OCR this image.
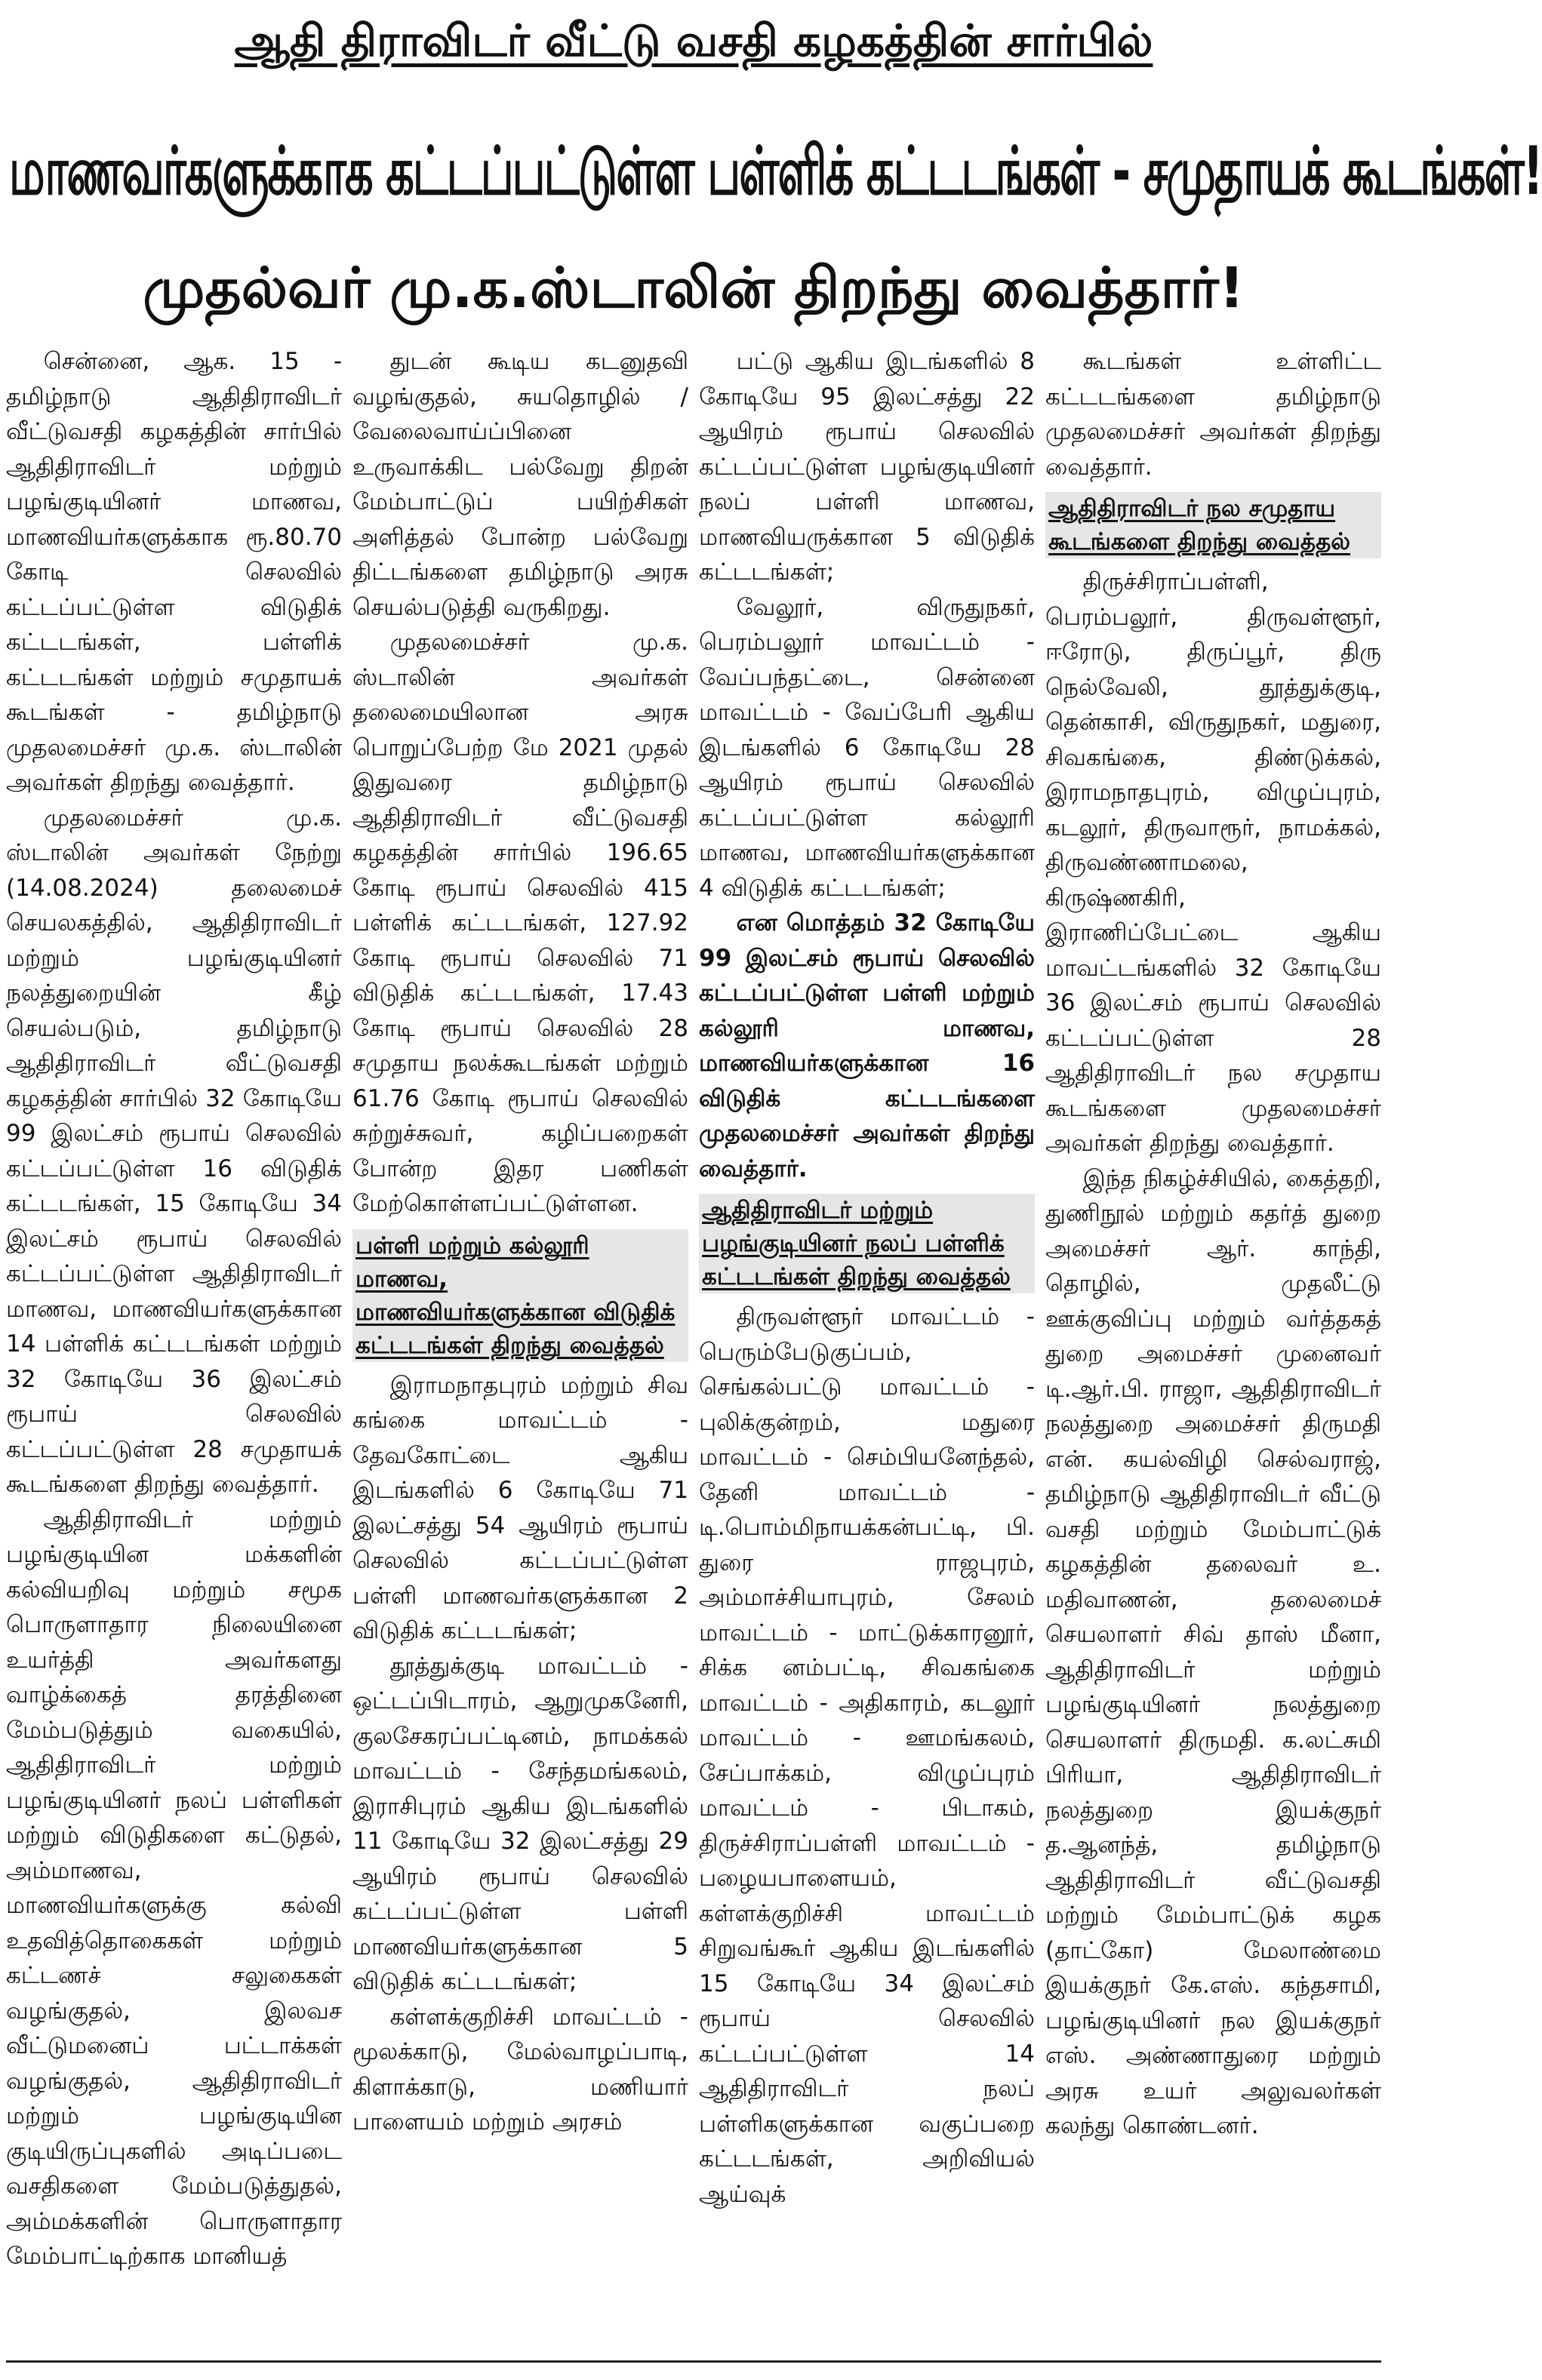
ஆதி திராவிடர் வீட்டு வசதி கழகத்தின் சார்பில்
மாணவர்களுக்காக கட்டப்பட்டுள்ள பள்ளிக் கட்டடங்கள் - சமுதாயக் கூடங்கள்!
முதல்வர் மு.க.ஸ்டாலின் திறந்து வைத்தார்!

சென்னை, ஆக. 15 - தமிழ்நாடு ஆதிதிராவிடர் வீட்டுவசதி கழகத்தின் சார்பில் ஆதிதிராவிடர் மற்றும் பழங்குடியினர் மாணவ, மாணவியர்களுக்காக ரூ.80.70 கோடி செலவில் கட்டப்பட்டுள்ள விடுதிக் கட்டடங்கள், பள்ளிக் கட்டடங்கள் மற்றும் சமுதாயக் கூடங்கள் - தமிழ்நாடு முதலமைச்சர் மு.க. ஸ்டாலின் அவர்கள் திறந்து வைத்தார்.

முதலமைச்சர் மு.க. ஸ்டாலின் அவர்கள் நேற்று (14.08.2024) தலைமைச் செயலகத்தில், ஆதிதிராவிடர் மற்றும் பழங்குடியினர் நலத்துறையின் கீழ் செயல்படும், தமிழ்நாடு ஆதிதிராவிடர் வீட்டுவசதி கழகத்தின் சார்பில் 32 கோடியே 99 இலட்சம் ரூபாய் செலவில் கட்டப்பட்டுள்ள 16 விடுதிக் கட்டடங்கள், 15 கோடியே 34 இலட்சம் ரூபாய் செலவில் கட்டப்பட்டுள்ள ஆதிதிராவிடர் மாணவ, மாணவியர்களுக்கான 14 பள்ளிக் கட்டடங்கள் மற்றும் 32 கோடியே 36 இலட்சம் ரூபாய் செலவில் கட்டப்பட்டுள்ள 28 சமுதாயக் கூடங்களை திறந்து வைத்தார்.

ஆதிதிராவிடர் மற்றும் பழங்குடியின மக்களின் கல்வியறிவு மற்றும் சமூக பொருளாதார நிலையினை உயர்த்தி அவர்களது வாழ்க்கைத் தரத்தினை மேம்படுத்தும் வகையில், ஆதிதிராவிடர் மற்றும் பழங்குடியினர் நலப் பள்ளிகள் மற்றும் விடுதிகளை கட்டுதல், அம்மாணவ, மாணவியர்களுக்கு கல்வி உதவித்தொகைகள் மற்றும் கட்டணச் சலுகைகள் வழங்குதல், இலவச வீட்டுமனைப் பட்டாக்கள் வழங்குதல், ஆதிதிராவிடர் மற்றும் பழங்குடியின குடியிருப்புகளில் அடிப்படை வசதிகளை மேம்படுத்துதல், அம்மக்களின் பொருளாதார மேம்பாட்டிற்காக மானியத்

துடன் கூடிய கடனுதவி வழங்குதல், சுயதொழில் / வேலைவாய்ப்பினை உருவாக்கிட பல்வேறு திறன் மேம்பாட்டுப் பயிற்சிகள் அளித்தல் போன்ற பல்வேறு திட்டங்களை தமிழ்நாடு அரசு செயல்படுத்தி வருகிறது.

முதலமைச்சர் மு.க. ஸ்டாலின் அவர்கள் தலைமையிலான அரசு பொறுப்பேற்ற மே 2021 முதல் இதுவரை தமிழ்நாடு ஆதிதிராவிடர் வீட்டுவசதி கழகத்தின் சார்பில் 196.65 கோடி ரூபாய் செலவில் 415 பள்ளிக் கட்டடங்கள், 127.92 கோடி ரூபாய் செலவில் 71 விடுதிக் கட்டடங்கள், 17.43 கோடி ரூபாய் செலவில் 28 சமுதாய நலக்கூடங்கள் மற்றும் 61.76 கோடி ரூபாய் செலவில் சுற்றுச்சுவர், கழிப்பறைகள் போன்ற இதர பணிகள் மேற்கொள்ளப்பட்டுள்ளன.

பள்ளி மற்றும் கல்லூரி மாணவ, மாணவியர்களுக்கான விடுதிக் கட்டடங்கள் திறந்து வைத்தல்

இராமநாதபுரம் மற்றும் சிவ கங்கை மாவட்டம் - தேவகோட்டை ஆகிய இடங்களில் 6 கோடியே 71 இலட்சத்து 54 ஆயிரம் ரூபாய் செலவில் கட்டப்பட்டுள்ள பள்ளி மாணவர்களுக்கான 2 விடுதிக் கட்டடங்கள்;

தூத்துக்குடி மாவட்டம் - ஒட்டப்பிடாரம், ஆறுமுகனேரி, குலசேகரப்பட்டினம், நாமக்கல் மாவட்டம் - சேந்தமங்கலம், இராசிபுரம் ஆகிய இடங்களில் 11 கோடியே 32 இலட்சத்து 29 ஆயிரம் ரூபாய் செலவில் கட்டப்பட்டுள்ள பள்ளி மாணவியர்களுக்கான 5 விடுதிக் கட்டடங்கள்;

கள்ளக்குறிச்சி மாவட்டம் - மூலக்காடு, மேல்வாழப்பாடி, கிளாக்காடு, மணியார் பாளையம் மற்றும் அரசம்

பட்டு ஆகிய இடங்களில் 8 கோடியே 95 இலட்சத்து 22 ஆயிரம் ரூபாய் செலவில் கட்டப்பட்டுள்ள பழங்குடியினர் நலப் பள்ளி மாணவ, மாணவியருக்கான 5 விடுதிக் கட்டடங்கள்;

வேலூர், விருதுநகர், பெரம்பலூர் மாவட்டம் - வேப்பந்தட்டை, சென்னை மாவட்டம் - வேப்பேரி ஆகிய இடங்களில் 6 கோடியே 28 ஆயிரம் ரூபாய் செலவில் கட்டப்பட்டுள்ள கல்லூரி மாணவ, மாணவியர்களுக்கான 4 விடுதிக் கட்டடங்கள்;

என மொத்தம் 32 கோடியே 99 இலட்சம் ரூபாய் செலவில் கட்டப்பட்டுள்ள பள்ளி மற்றும் கல்லூரி மாணவ, மாணவியர்களுக்கான 16 விடுதிக் கட்டடங்களை முதலமைச்சர் அவர்கள் திறந்து வைத்தார்.

ஆதிதிராவிடர் மற்றும் பழங்குடியினர் நலப் பள்ளிக் கட்டடங்கள் திறந்து வைத்தல்

திருவள்ளூர் மாவட்டம் - பெரும்பேடுகுப்பம், செங்கல்பட்டு மாவட்டம் - புலிக்குன்றம், மதுரை மாவட்டம் - செம்பியனேந்தல், தேனி மாவட்டம் - டி.பொம்மிநாயக்கன்பட்டி, பி. துரை ராஜபுரம், அம்மாச்சியாபுரம், சேலம் மாவட்டம் - மாட்டுக்காரனூர், சிக்க னம்பட்டி, சிவகங்கை மாவட்டம் - அதிகாரம், கடலூர் மாவட்டம் - ஊமங்கலம், சேப்பாக்கம், விழுப்புரம் மாவட்டம் - பிடாகம், திருச்சிராப்பள்ளி மாவட்டம் - பழையபாளையம், கள்ளக்குறிச்சி மாவட்டம் சிறுவங்கூர் ஆகிய இடங்களில் 15 கோடியே 34 இலட்சம் ரூபாய் செலவில் கட்டப்பட்டுள்ள 14 ஆதிதிராவிடர் நலப் பள்ளிகளுக்கான வகுப்பறை கட்டடங்கள், அறிவியல் ஆய்வுக்

கூடங்கள் உள்ளிட்ட கட்டடங்களை தமிழ்நாடு முதலமைச்சர் அவர்கள் திறந்து வைத்தார்.

ஆதிதிராவிடர் நல சமுதாய கூடங்களை திறந்து வைத்தல்

திருச்சிராப்பள்ளி, பெரம்பலூர், திருவள்ளூர், ஈரோடு, திருப்பூர், திரு நெல்வேலி, தூத்துக்குடி, தென்காசி, விருதுநகர், மதுரை, சிவகங்கை, திண்டுக்கல், இராமநாதபுரம், விழுப்புரம், கடலூர், திருவாரூர், நாமக்கல், திருவண்ணாமலை, கிருஷ்ணகிரி, இராணிப்பேட்டை ஆகிய மாவட்டங்களில் 32 கோடியே 36 இலட்சம் ரூபாய் செலவில் கட்டப்பட்டுள்ள 28 ஆதிதிராவிடர் நல சமுதாய கூடங்களை முதலமைச்சர் அவர்கள் திறந்து வைத்தார்.

இந்த நிகழ்ச்சியில், கைத்தறி, துணிநூல் மற்றும் கதர்த் துறை அமைச்சர் ஆர். காந்தி, தொழில், முதலீட்டு ஊக்குவிப்பு மற்றும் வர்த்தகத் துறை அமைச்சர் முனைவர் டி.ஆர்.பி. ராஜா, ஆதிதிராவிடர் நலத்துறை அமைச்சர் திருமதி என். கயல்விழி செல்வராஜ், தமிழ்நாடு ஆதிதிராவிடர் வீட்டு வசதி மற்றும் மேம்பாட்டுக் கழகத்தின் தலைவர் உ. மதிவாணன், தலைமைச் செயலாளர் சிவ் தாஸ் மீனா, ஆதிதிராவிடர் மற்றும் பழங்குடியினர் நலத்துறை செயலாளர் திருமதி. க.லட்சுமி பிரியா, ஆதிதிராவிடர் நலத்துறை இயக்குநர் த.ஆனந்த், தமிழ்நாடு ஆதிதிராவிடர் வீட்டுவசதி மற்றும் மேம்பாட்டுக் கழக (தாட்கோ) மேலாண்மை இயக்குநர் கே.எஸ். கந்தசாமி, பழங்குடியினர் நல இயக்குநர் எஸ். அண்ணாதுரை மற்றும் அரசு உயர் அலுவலர்கள் கலந்து கொண்டனர்.
